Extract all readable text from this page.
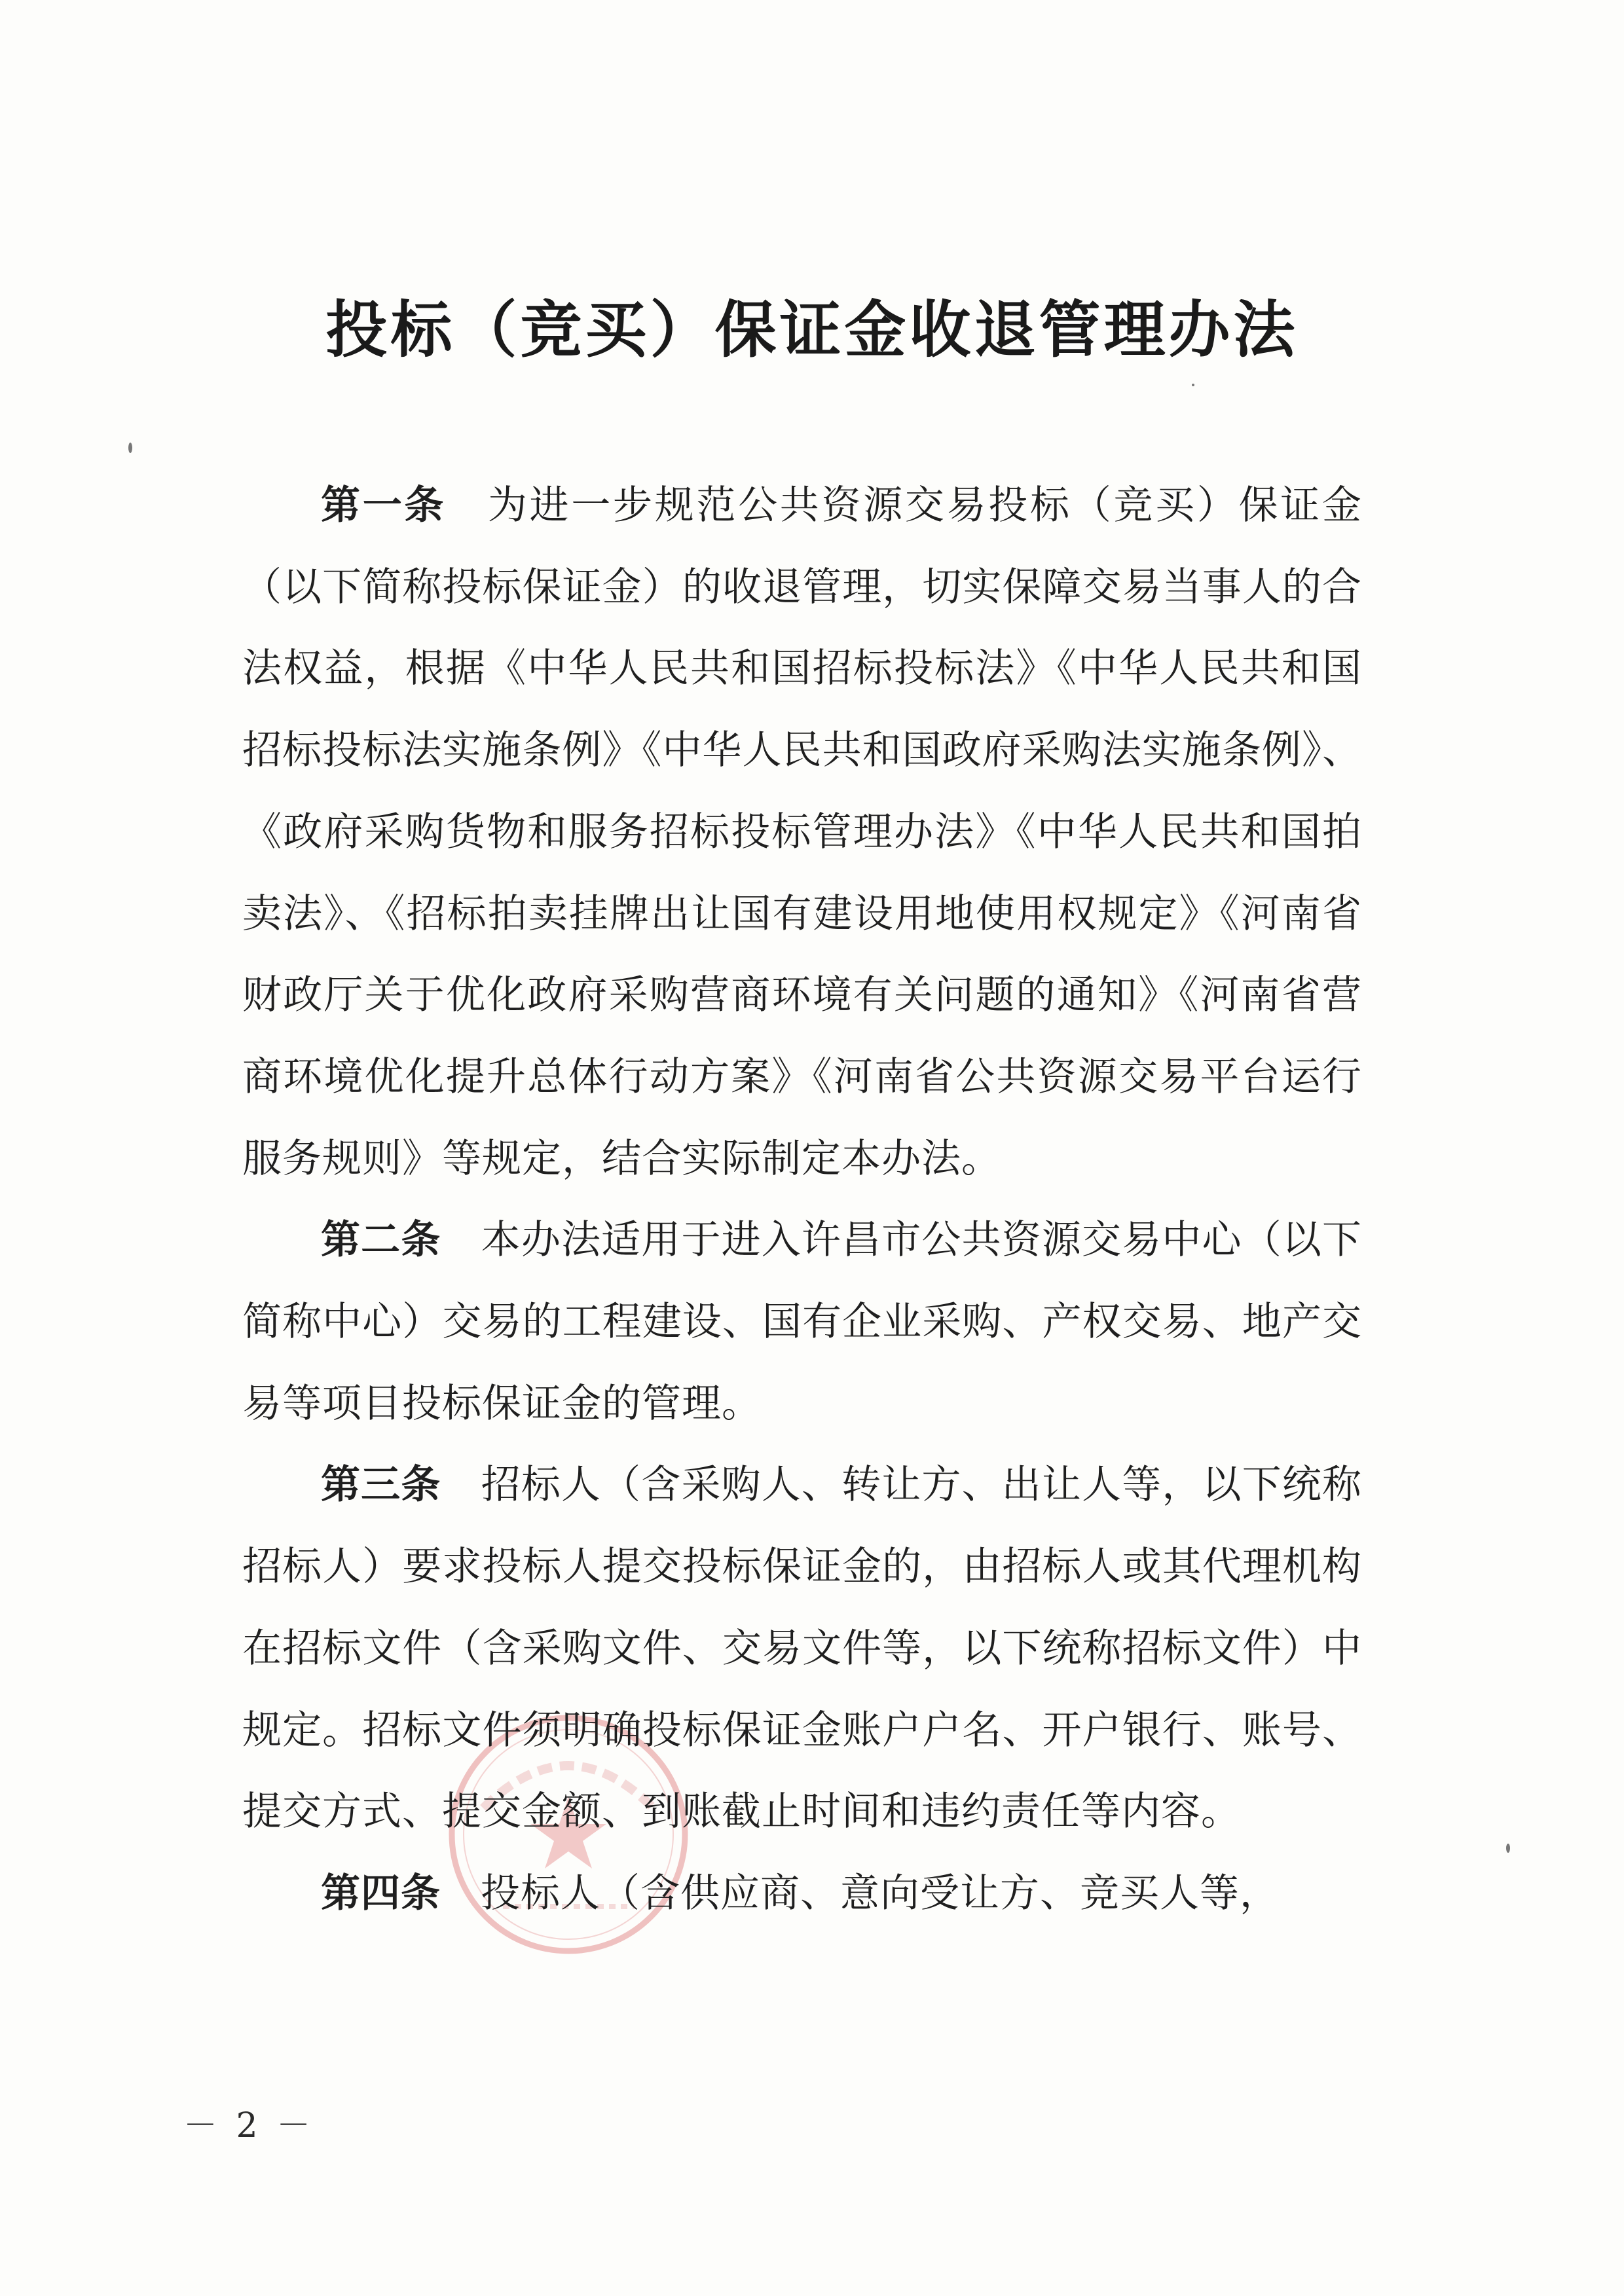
投标（竞买）保证金收退管理办法

第一条　 为进一步规范公共资源交易投标（竞买）保证金（以下简称投标保证金）的收退管理，切实保障交易当事人的合法权益，根据《中华人民共和国招标投标法》《中华人民共和国招标投标法实施条例》《中华人民共和国政府采购法实施条例》、《政府采购货物和服务招标投标管理办法》《中华人民共和国拍卖法》、《招标拍卖挂牌出让国有建设用地使用权规定》《河南省财政厅关于优化政府采购营商环境有关问题的通知》《河南省营商环境优化提升总体行动方案》《河南省公共资源交易平台运行服务规则》等规定，结合实际制定本办法。

第二条　 本办法适用于进入许昌市公共资源交易中心（以下简称中心）交易的工程建设、国有企业采购、产权交易、地产交易等项目投标保证金的管理。

第三条　 招标人（含采购人、转让方、出让人等，以下统称招标人）要求投标人提交投标保证金的，由招标人或其代理机构在招标文件（含采购文件、交易文件等，以下统称招标文件）中规定。招标文件须明确投标保证金账户户名、开户银行、账号、提交方式、提交金额、到账截止时间和违约责任等内容。

第四条　 投标人（含供应商、意向受让方、竞买人等，

－ 2 －
